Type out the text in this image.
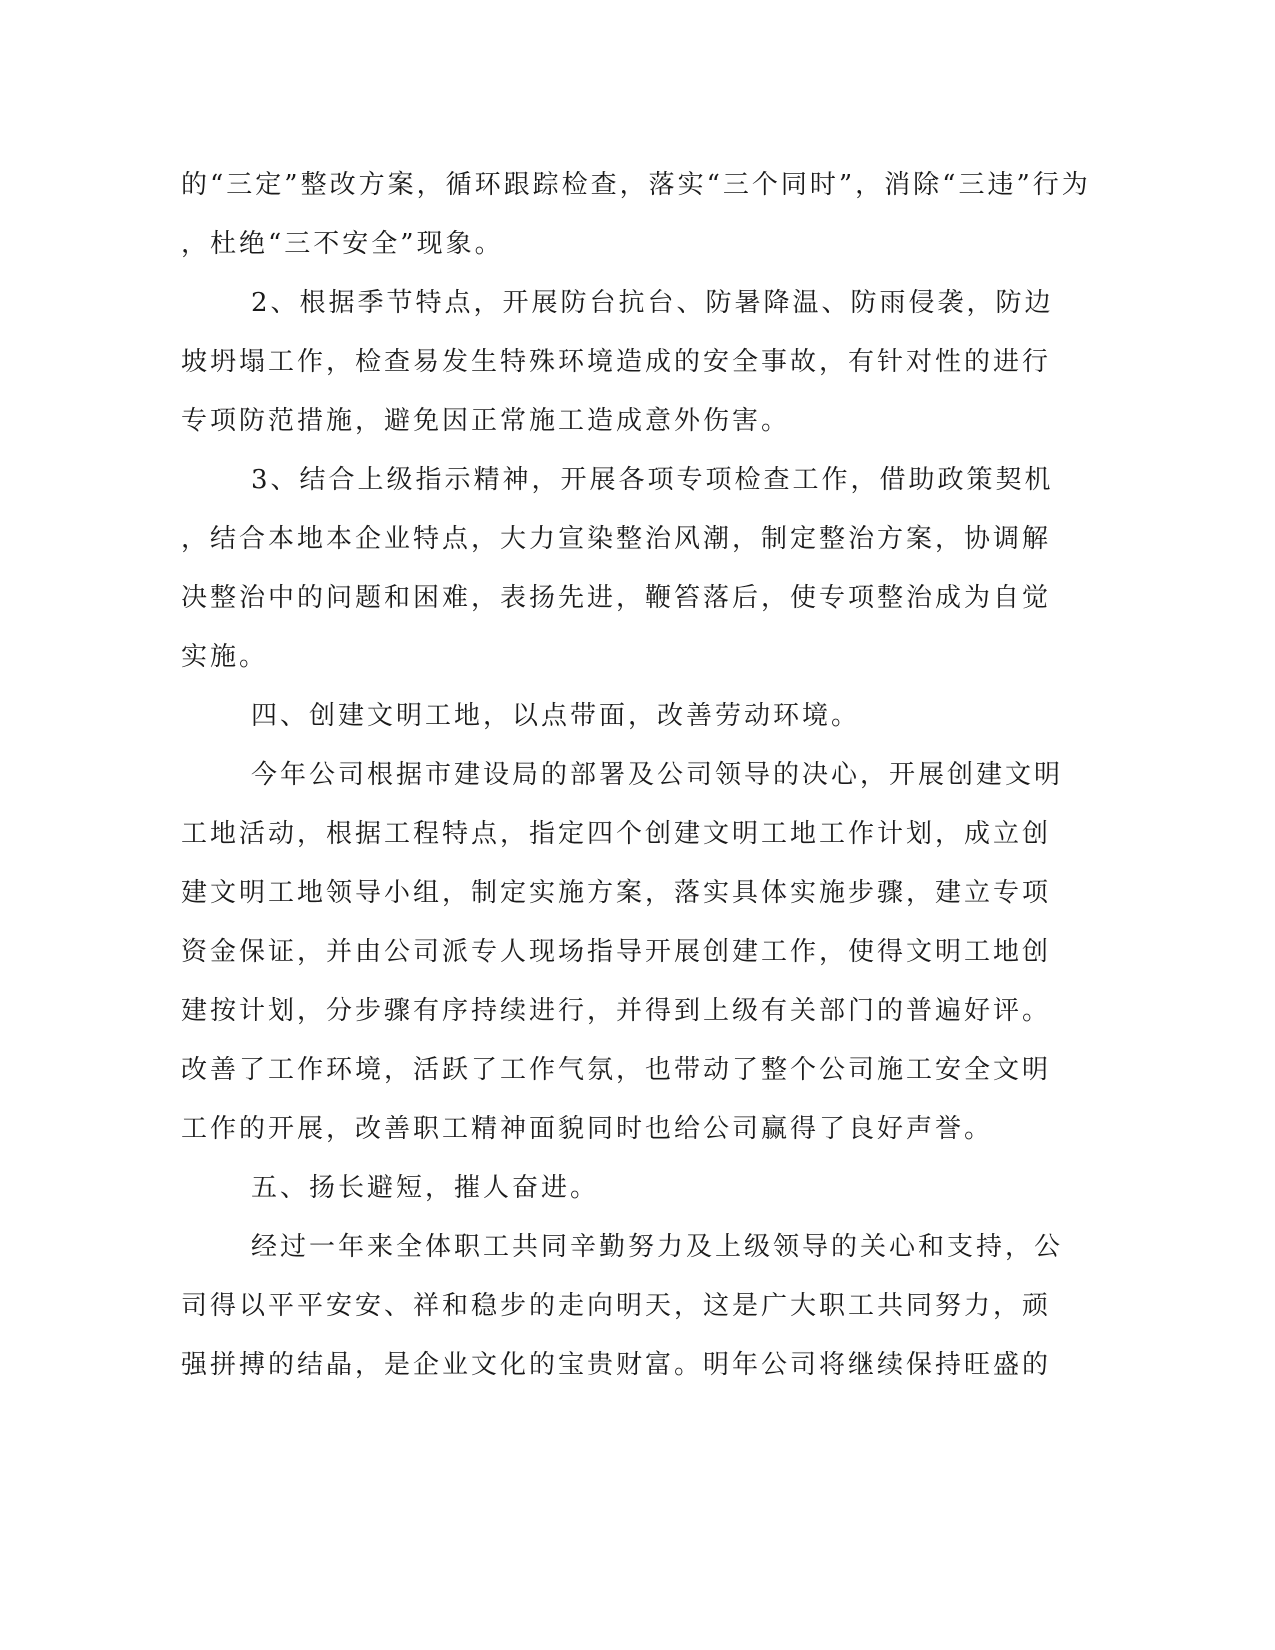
的“三定”整改方案，循环跟踪检查，落实“三个同时”，消除“三违”行为
，杜绝“三不安全”现象。
2、根据季节特点，开展防台抗台、防暑降温、防雨侵袭，防边
坡坍塌工作，检查易发生特殊环境造成的安全事故，有针对性的进行
专项防范措施，避免因正常施工造成意外伤害。
3、结合上级指示精神，开展各项专项检查工作，借助政策契机
，结合本地本企业特点，大力宣染整治风潮，制定整治方案，协调解
决整治中的问题和困难，表扬先进，鞭笞落后，使专项整治成为自觉
实施。
四、创建文明工地，以点带面，改善劳动环境。
今年公司根据市建设局的部署及公司领导的决心，开展创建文明
工地活动，根据工程特点，指定四个创建文明工地工作计划，成立创
建文明工地领导小组，制定实施方案，落实具体实施步骤，建立专项
资金保证，并由公司派专人现场指导开展创建工作，使得文明工地创
建按计划，分步骤有序持续进行，并得到上级有关部门的普遍好评。
改善了工作环境，活跃了工作气氛，也带动了整个公司施工安全文明
工作的开展，改善职工精神面貌同时也给公司赢得了良好声誉。
五、扬长避短，摧人奋进。
经过一年来全体职工共同辛勤努力及上级领导的关心和支持，公
司得以平平安安、祥和稳步的走向明天，这是广大职工共同努力，顽
强拼搏的结晶，是企业文化的宝贵财富。明年公司将继续保持旺盛的
